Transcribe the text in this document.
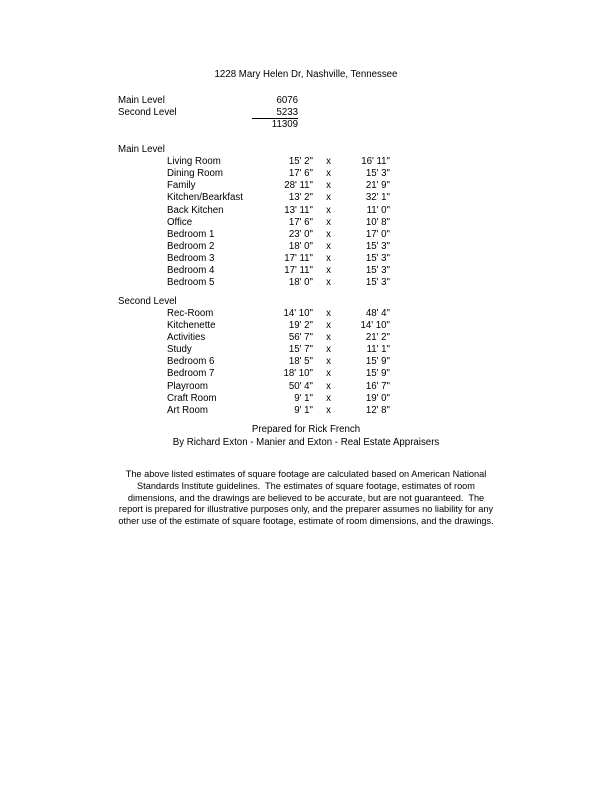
1228 Mary Helen Dr, Nashville, Tennessee
Main Level	6076
Second Level	5233
11309
Main Level
Living Room	15' 2"	x	16' 11"
Dining Room	17' 6"	x	15' 3"
Family	28' 11"	x	21' 9"
Kitchen/Bearkfast	13' 2"	x	32' 1"
Back Kitchen	13' 11"	x	11' 0"
Office	17' 6"	x	10' 8"
Bedroom 1	23' 0"	x	17' 0"
Bedroom 2	18' 0"	x	15' 3"
Bedroom 3	17' 11"	x	15' 3"
Bedroom 4	17' 11"	x	15' 3"
Bedroom 5	18' 0"	x	15' 3"
Second Level
Rec-Room	14' 10"	x	48' 4"
Kitchenette	19' 2"	x	14' 10"
Activities	56' 7"	x	21' 2"
Study	15' 7"	x	11' 1"
Bedroom 6	18' 5"	x	15' 9"
Bedroom 7	18' 10"	x	15' 9"
Playroom	50' 4"	x	16' 7"
Craft Room	9' 1"	x	19' 0"
Art Room	9' 1"	x	12' 8"
Prepared for Rick French
By Richard Exton - Manier and Exton - Real Estate Appraisers
The above listed estimates of square footage are calculated based on American National
Standards Institute guidelines.  The estimates of square footage, estimates of room
dimensions, and the drawings are believed to be accurate, but are not guaranteed.  The
report is prepared for illustrative purposes only, and the preparer assumes no liability for any
other use of the estimate of square footage, estimate of room dimensions, and the drawings.
